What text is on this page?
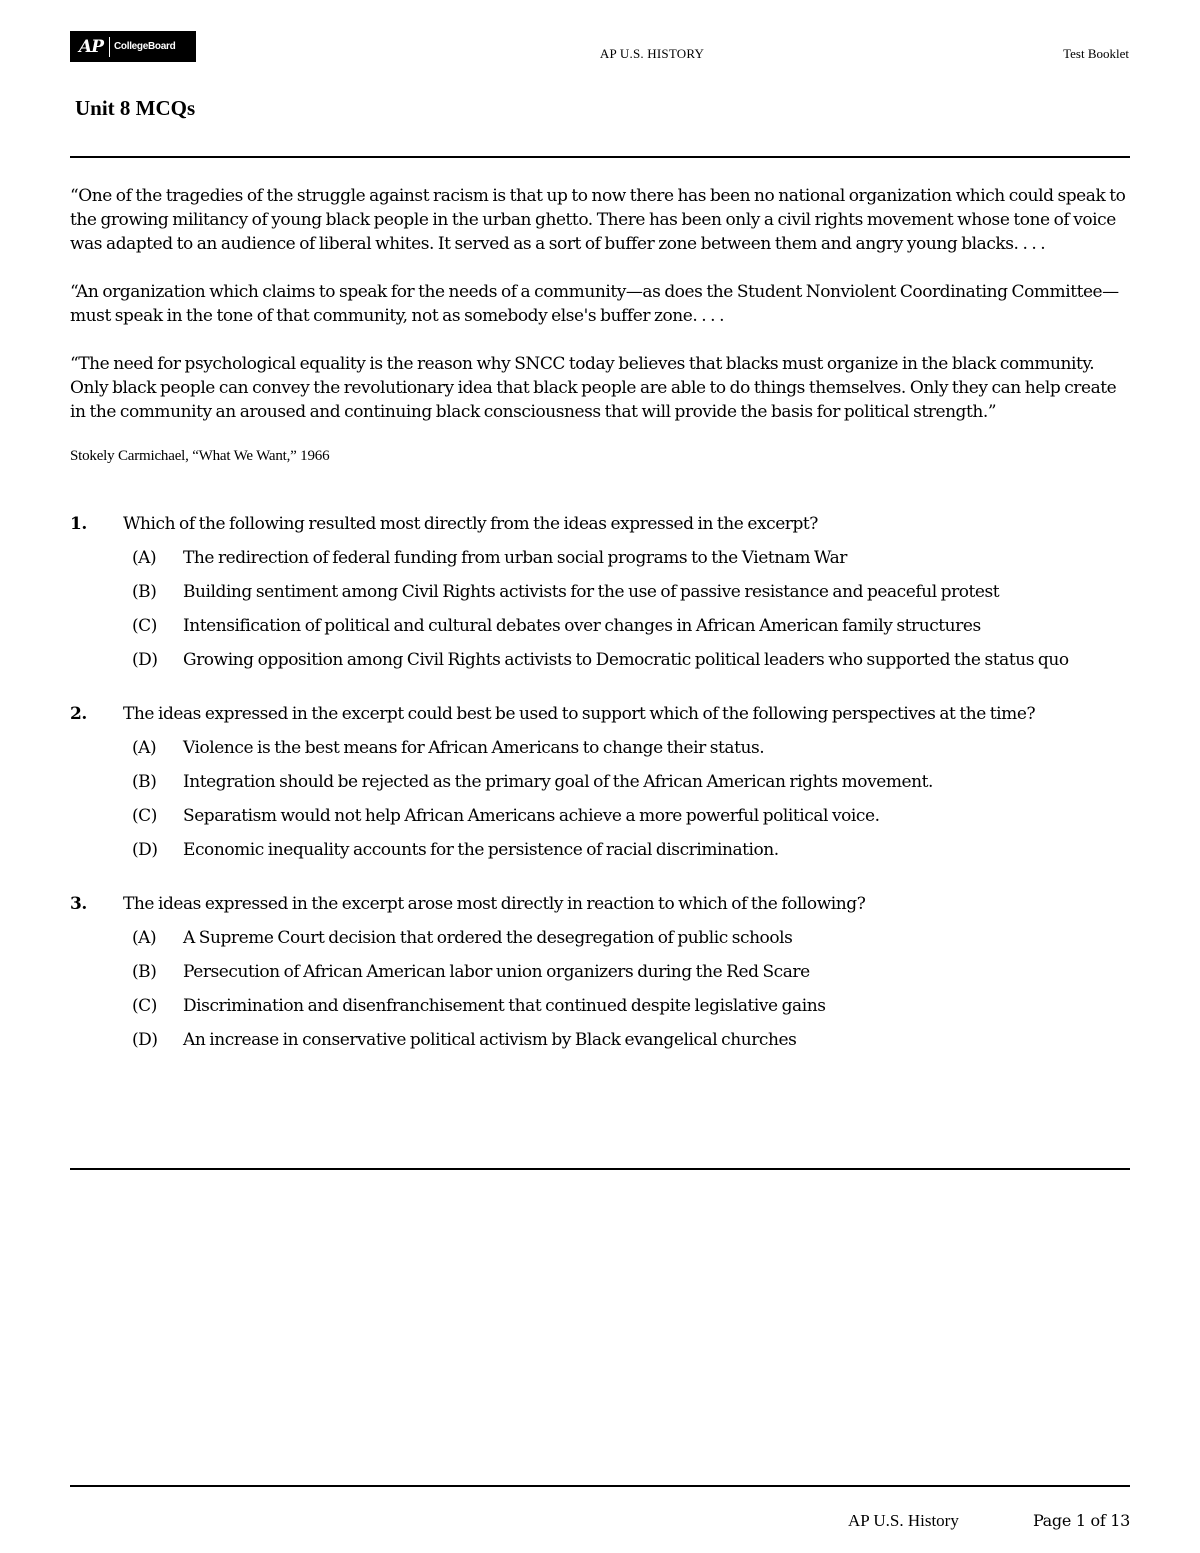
AP CollegeBoard	AP U.S. HISTORY	Test Booklet
Unit 8 MCQs

“One of the tragedies of the struggle against racism is that up to now there has been no national organization which could speak to the growing militancy of young black people in the urban ghetto. There has been only a civil rights movement whose tone of voice was adapted to an audience of liberal whites. It served as a sort of buffer zone between them and angry young blacks. . . .

“An organization which claims to speak for the needs of a community—as does the Student Nonviolent Coordinating Committee—must speak in the tone of that community, not as somebody else's buffer zone. . . .

“The need for psychological equality is the reason why SNCC today believes that blacks must organize in the black community. Only black people can convey the revolutionary idea that black people are able to do things themselves. Only they can help create in the community an aroused and continuing black consciousness that will provide the basis for political strength.”

Stokely Carmichael, “What We Want,” 1966
1.	Which of the following resulted most directly from the ideas expressed in the excerpt?
(A)	The redirection of federal funding from urban social programs to the Vietnam War
(B)	Building sentiment among Civil Rights activists for the use of passive resistance and peaceful protest
(C)	Intensification of political and cultural debates over changes in African American family structures
(D)	Growing opposition among Civil Rights activists to Democratic political leaders who supported the status quo
2.	The ideas expressed in the excerpt could best be used to support which of the following perspectives at the time?
(A)	Violence is the best means for African Americans to change their status.
(B)	Integration should be rejected as the primary goal of the African American rights movement.
(C)	Separatism would not help African Americans achieve a more powerful political voice.
(D)	Economic inequality accounts for the persistence of racial discrimination.
3.	The ideas expressed in the excerpt arose most directly in reaction to which of the following?
(A)	A Supreme Court decision that ordered the desegregation of public schools
(B)	Persecution of African American labor union organizers during the Red Scare
(C)	Discrimination and disenfranchisement that continued despite legislative gains
(D)	An increase in conservative political activism by Black evangelical churches
AP U.S. History	Page 1 of 13
